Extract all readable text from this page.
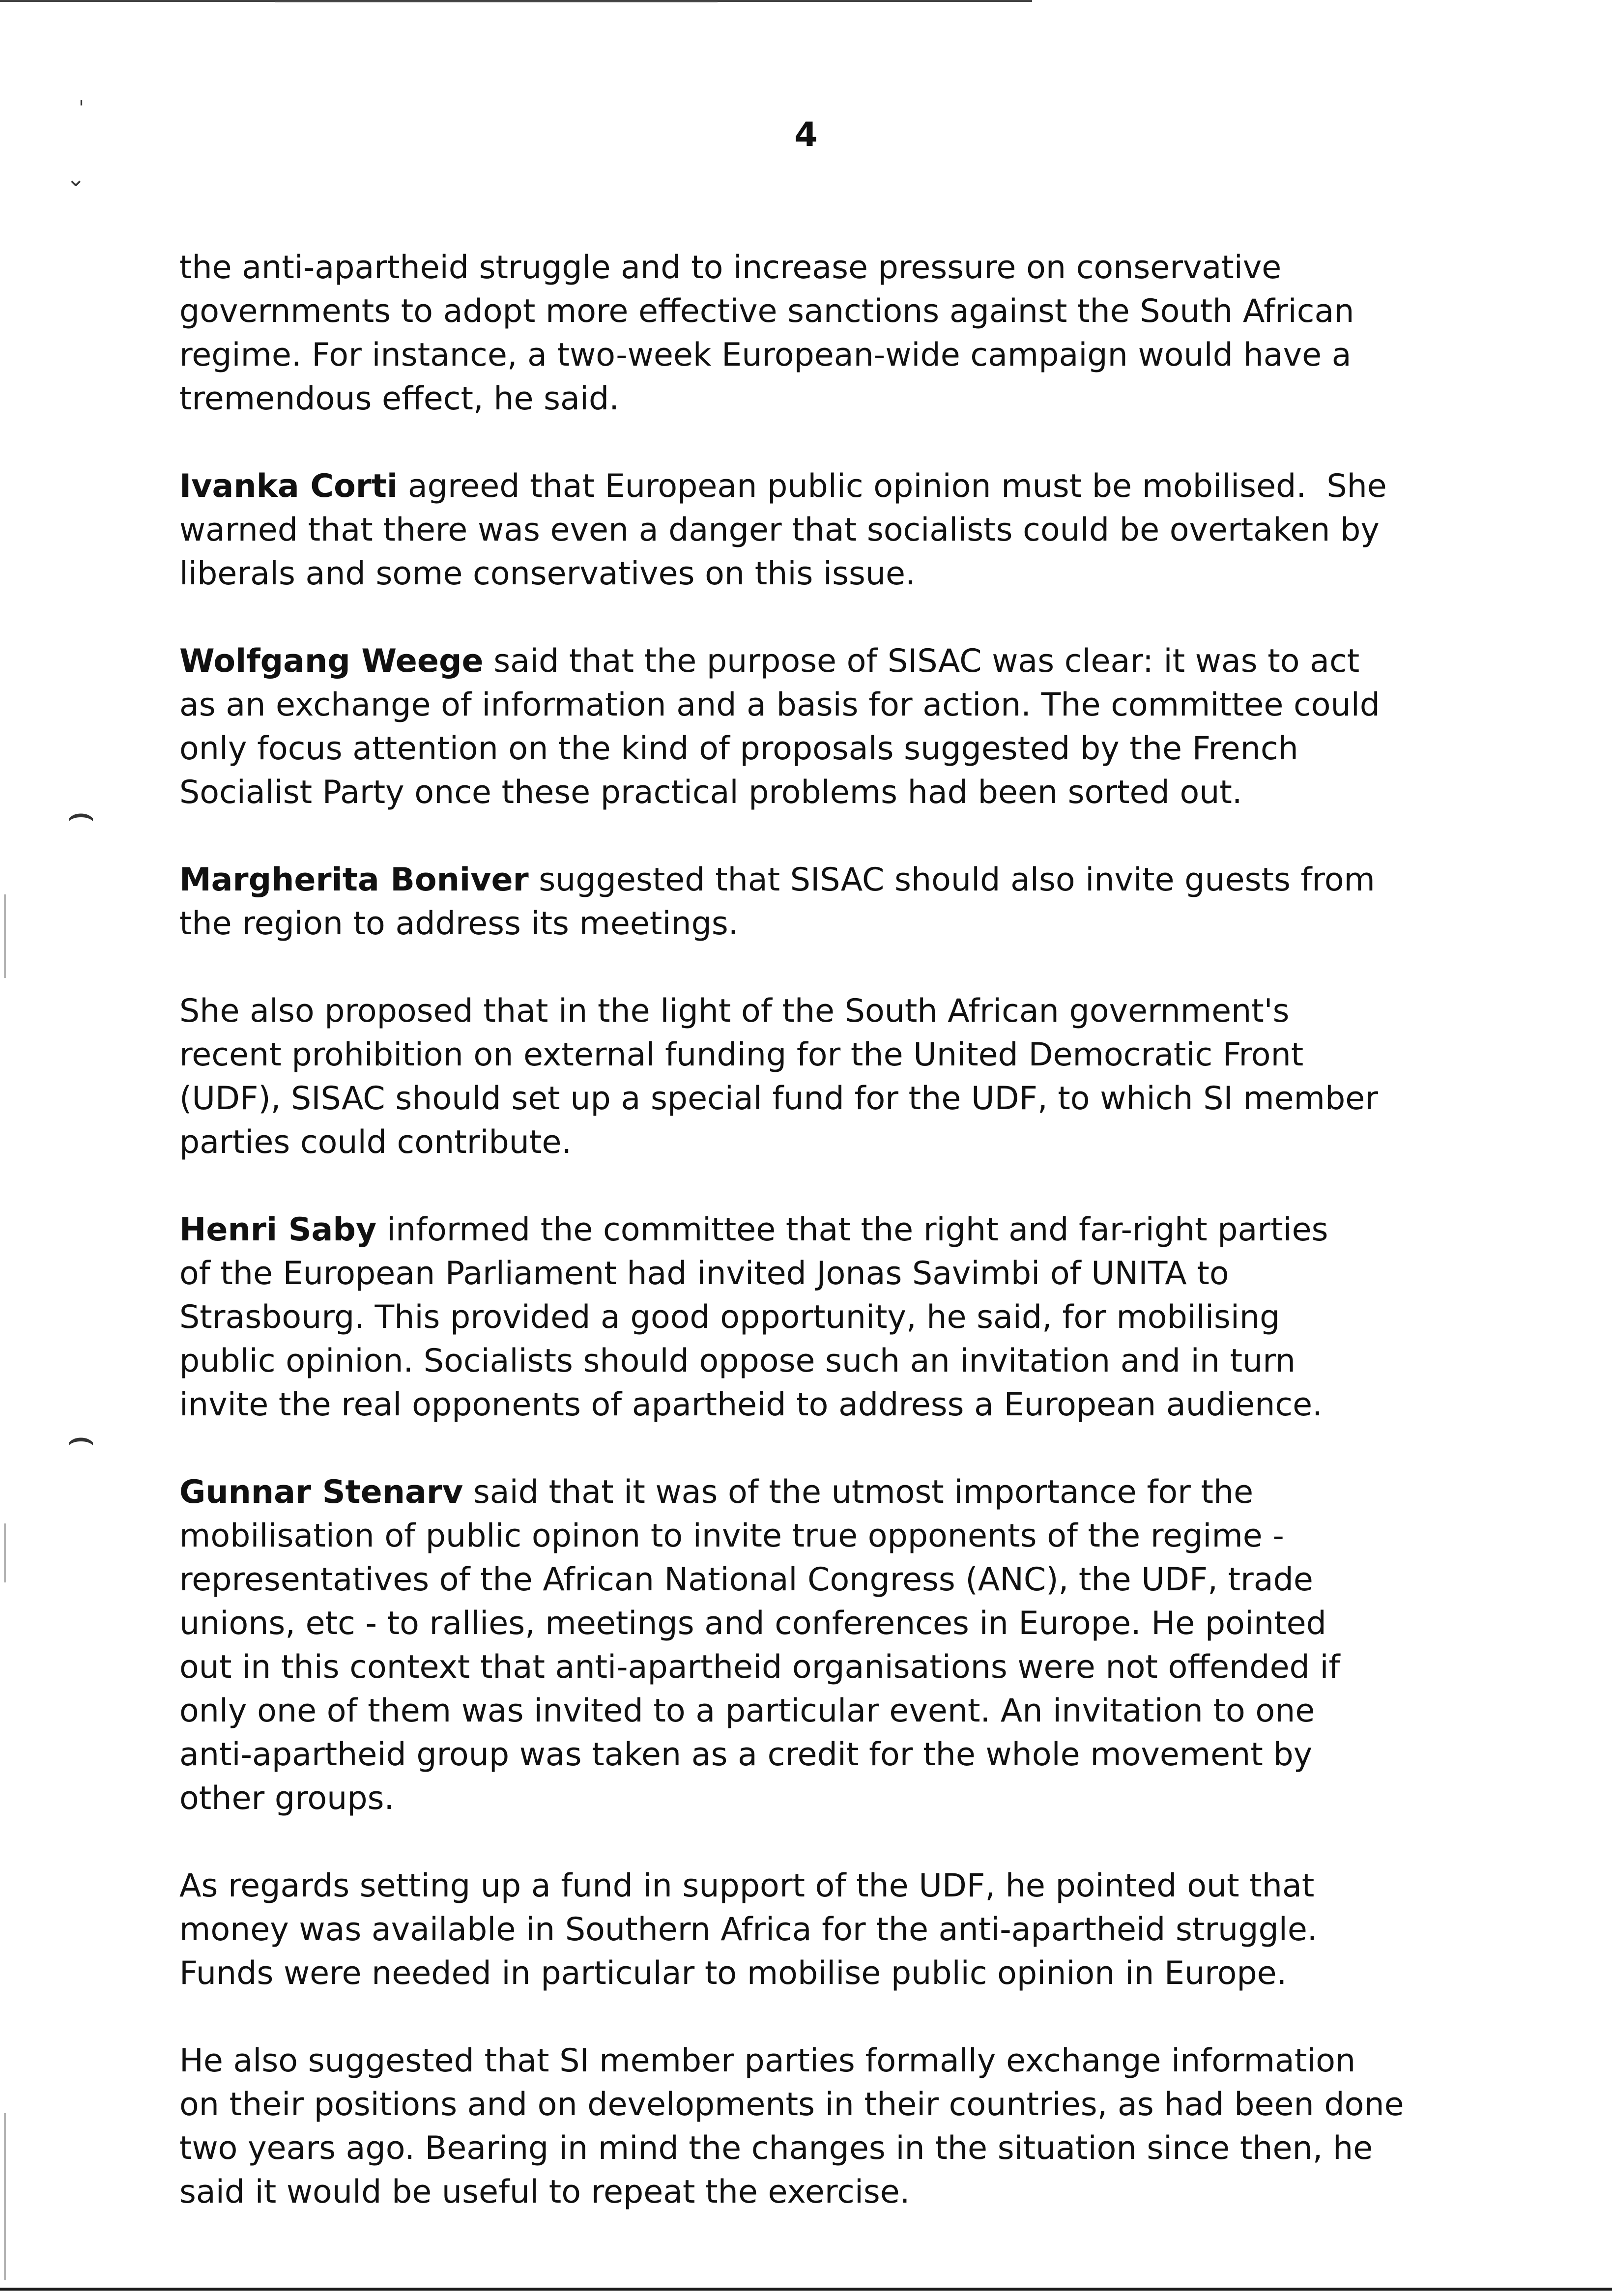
'
⌄
⌢
⌢
4

the anti-apartheid struggle and to increase pressure on conservative
governments to adopt more effective sanctions against the South African
regime. For instance, a two-week European-wide campaign would have a
tremendous effect, he said.

Ivanka Corti agreed that European public opinion must be mobilised.  She
warned that there was even a danger that socialists could be overtaken by
liberals and some conservatives on this issue.

Wolfgang Weege said that the purpose of SISAC was clear: it was to act
as an exchange of information and a basis for action. The committee could
only focus attention on the kind of proposals suggested by the French
Socialist Party once these practical problems had been sorted out.

Margherita Boniver suggested that SISAC should also invite guests from
the region to address its meetings.

She also proposed that in the light of the South African government's
recent prohibition on external funding for the United Democratic Front
(UDF), SISAC should set up a special fund for the UDF, to which SI member
parties could contribute.

Henri Saby informed the committee that the right and far-right parties
of the European Parliament had invited Jonas Savimbi of UNITA to
Strasbourg. This provided a good opportunity, he said, for mobilising
public opinion. Socialists should oppose such an invitation and in turn
invite the real opponents of apartheid to address a European audience.

Gunnar Stenarv said that it was of the utmost importance for the
mobilisation of public opinon to invite true opponents of the regime -
representatives of the African National Congress (ANC), the UDF, trade
unions, etc - to rallies, meetings and conferences in Europe. He pointed
out in this context that anti-apartheid organisations were not offended if
only one of them was invited to a particular event. An invitation to one
anti-apartheid group was taken as a credit for the whole movement by
other groups.

As regards setting up a fund in support of the UDF, he pointed out that
money was available in Southern Africa for the anti-apartheid struggle.
Funds were needed in particular to mobilise public opinion in Europe.

He also suggested that SI member parties formally exchange information
on their positions and on developments in their countries, as had been done
two years ago. Bearing in mind the changes in the situation since then, he
said it would be useful to repeat the exercise.
